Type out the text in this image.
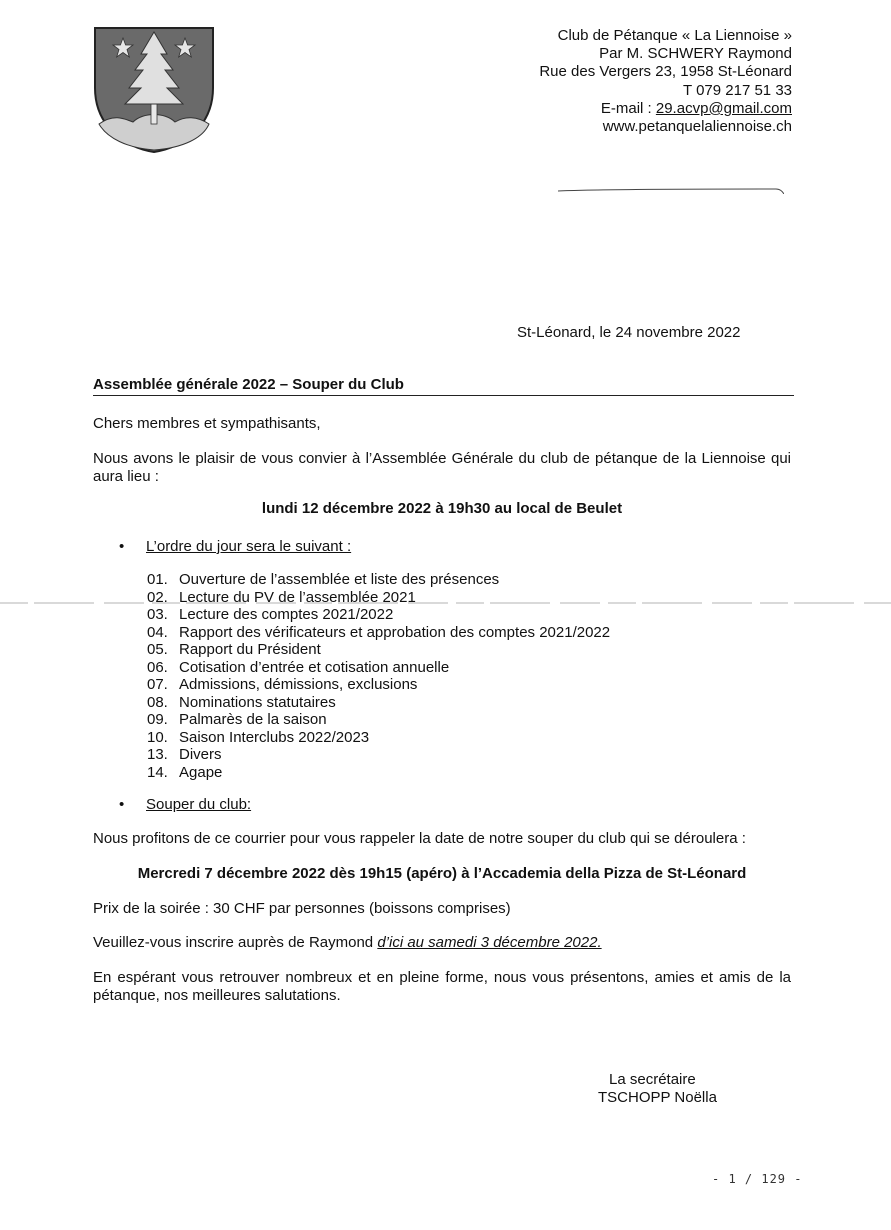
Club de Pétanque « La Liennoise »
Par M. SCHWERY Raymond
Rue des Vergers 23, 1958 St-Léonard
T 079 217 51 33
E-mail : 29.acvp@gmail.com
www.petanquelaliennoise.ch
St-Léonard, le 24 novembre 2022
Assemblée générale 2022 – Souper du Club
Chers membres et sympathisants,
Nous avons le plaisir de vous convier à l’Assemblée Générale du club de pétanque de la Liennoise qui aura lieu :
lundi 12 décembre 2022 à 19h30 au local de Beulet
• L’ordre du jour sera le suivant :
01. Ouverture de l’assemblée et liste des présences
02. Lecture du PV de l’assemblée 2021
03. Lecture des comptes 2021/2022
04. Rapport des vérificateurs et approbation des comptes 2021/2022
05. Rapport du Président
06. Cotisation d’entrée et cotisation annuelle
07. Admissions, démissions, exclusions
08. Nominations statutaires
09. Palmarès de la saison
10. Saison Interclubs 2022/2023
13. Divers
14. Agape
• Souper du club:
Nous profitons de ce courrier pour vous rappeler la date de notre souper du club qui se déroulera :
Mercredi 7 décembre 2022 dès 19h15 (apéro) à l’Accademia della Pizza de St-Léonard
Prix de la soirée : 30 CHF par personnes (boissons comprises)
Veuillez-vous inscrire auprès de Raymond d’ici au samedi 3 décembre 2022.
En espérant vous retrouver nombreux et en pleine forme, nous vous présentons, amies et amis de la pétanque, nos meilleures salutations.
La secrétaire
TSCHOPP Noëlla
- 1 / 129 -
